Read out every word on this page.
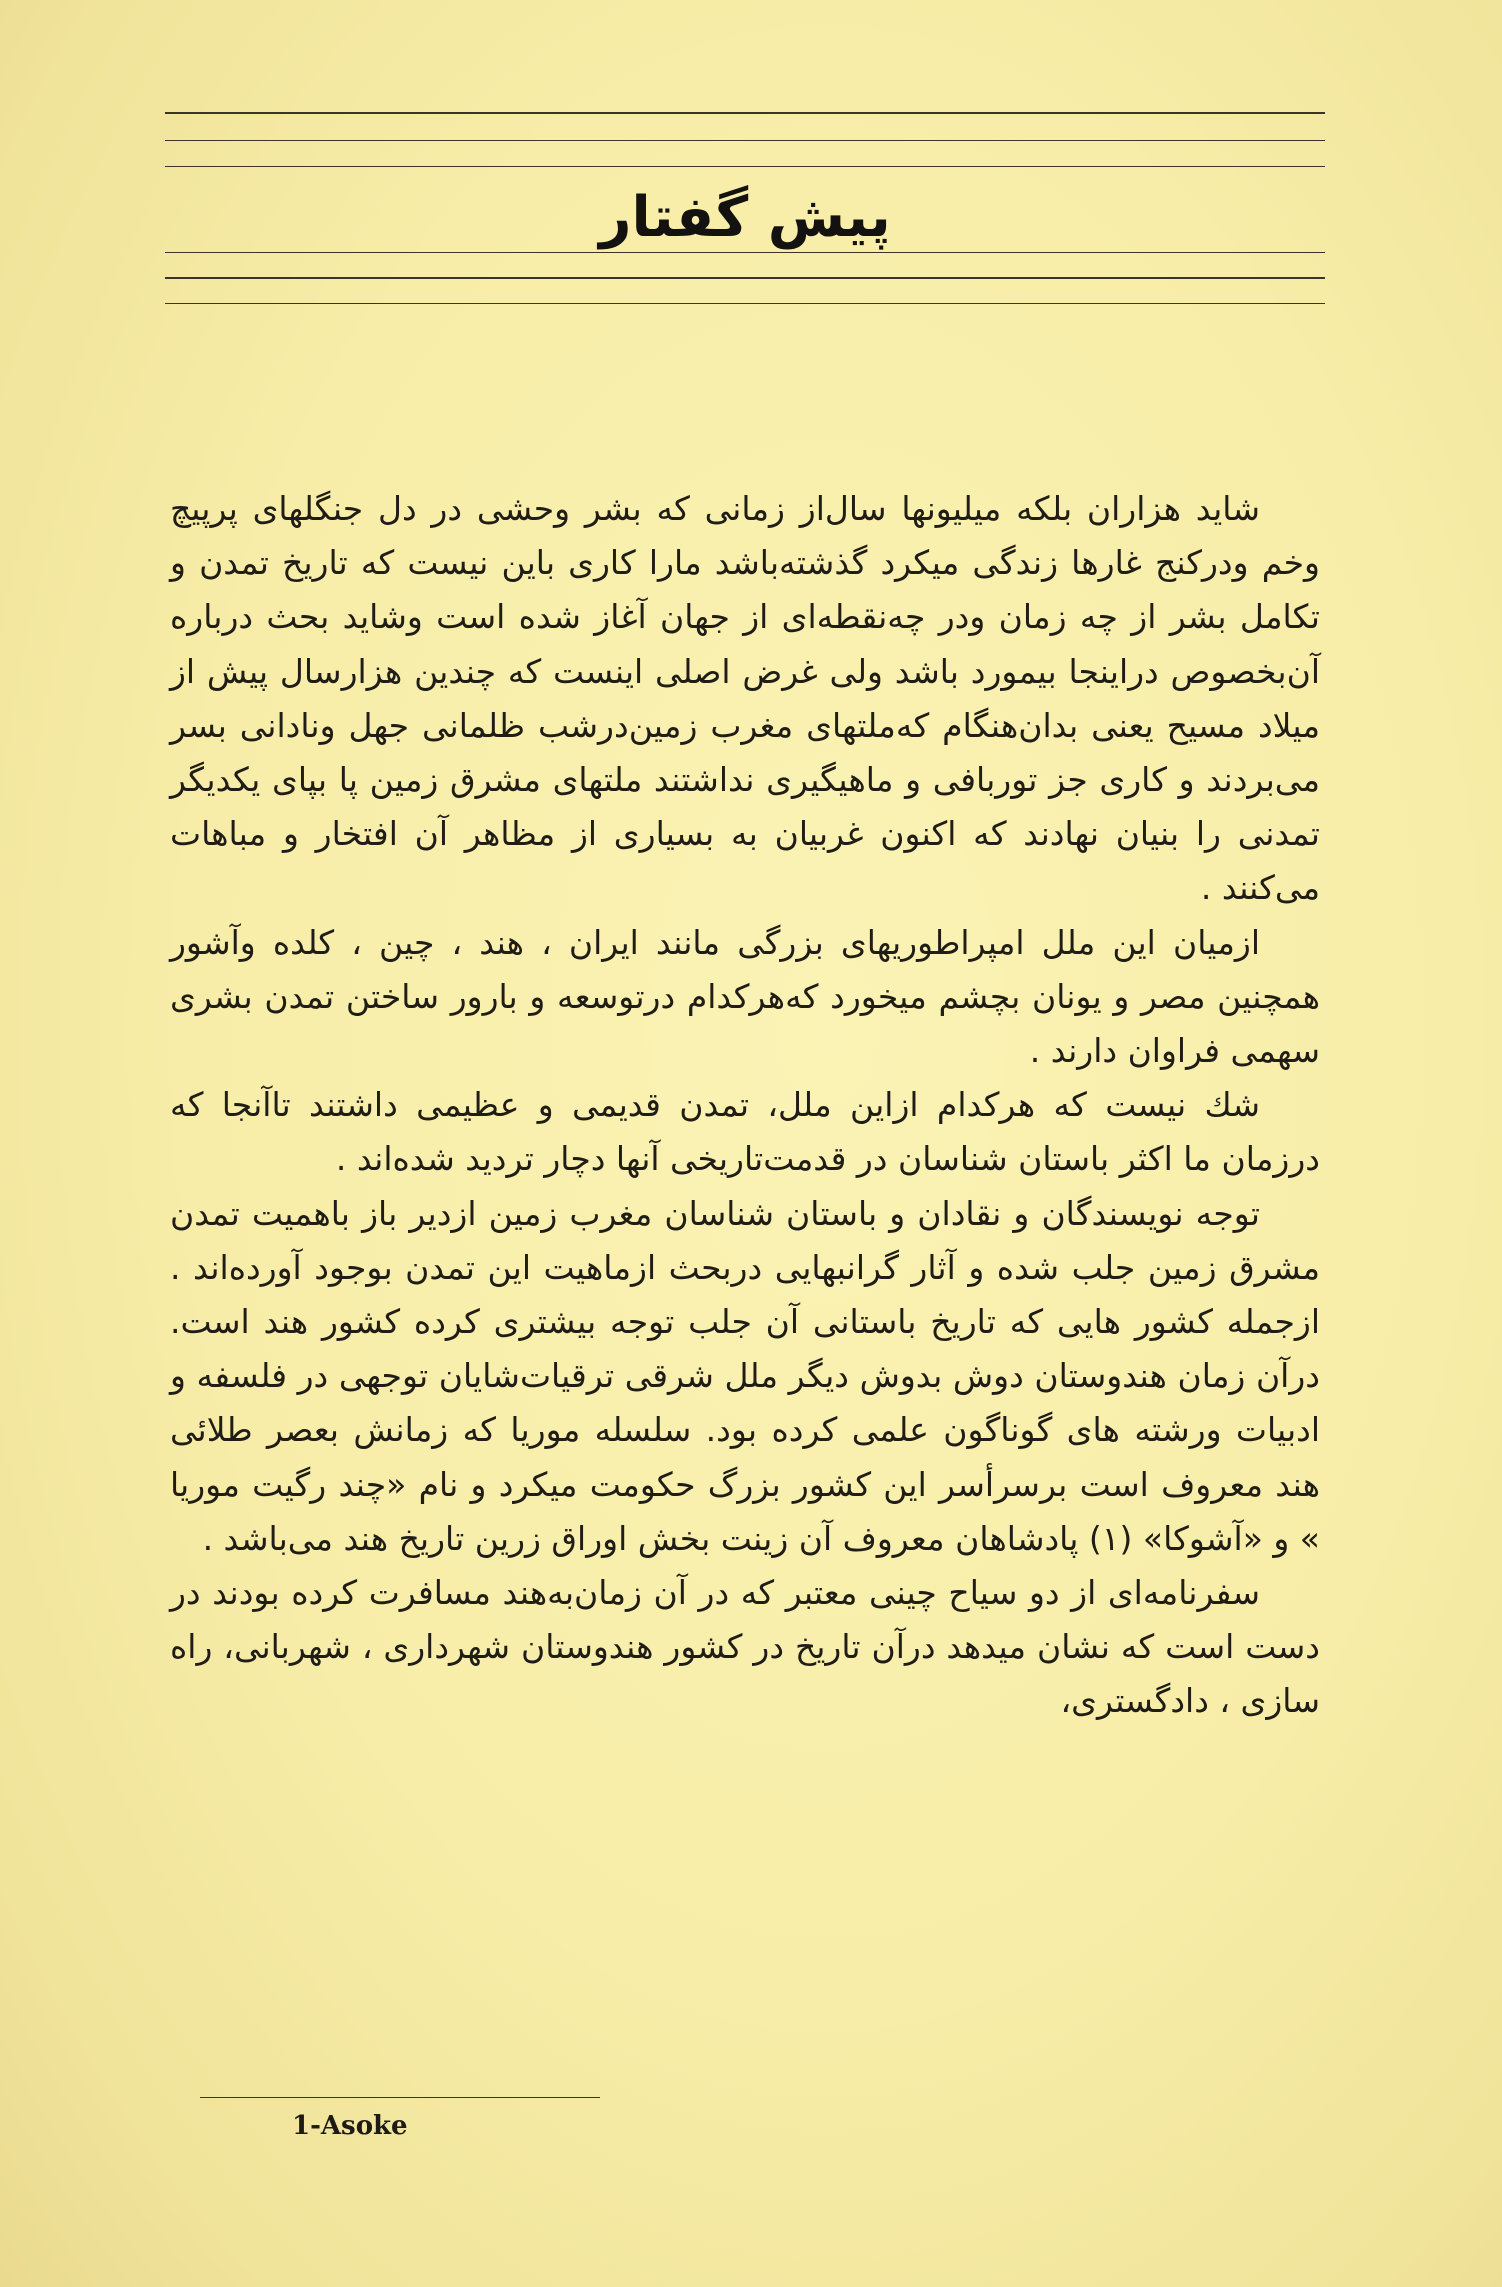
پیش گفتار

شاید هزاران بلکه میلیونها سال‌از زمانی که بشر وحشی در دل جنگلهای پرپیچ وخم ودرکنج غارها زندگی میکرد گذشته‌باشد مارا کاری باین نیست که تاریخ تمدن و تکامل بشر از چه زمان ودر چه‌نقطه‌ای از جهان آغاز شده است وشاید بحث درباره آن‌بخصوص دراینجا بیمورد باشد ولی غرض اصلی اینست که چندین هزارسال پیش از میلاد مسیح یعنی بدان‌هنگام که‌ملتهای مغرب زمین‌درشب ظلمانی جهل ونادانی بسر می‌بردند و کاری جز توربافی و ماهیگیری نداشتند ملتهای مشرق زمین پا بپای یکدیگر تمدنی را بنیان نهادند که اکنون غربیان به بسیاری از مظاهر آن افتخار و مباهات می‌کنند .

ازمیان این ملل امپراطوریهای بزرگی مانند ایران ، هند ، چین ، کلده وآشور همچنین مصر و یونان بچشم میخورد که‌هرکدام درتوسعه و بارور ساختن تمدن بشری سهمی فراوان دارند .

شك نیست که هرکدام ازاین ملل، تمدن قدیمی و عظیمی داشتند تاآنجا که درزمان ما اکثر باستان شناسان در قدمت‌تاریخی آنها دچار تردید شده‌اند .

توجه نویسندگان و نقادان و باستان شناسان مغرب زمین ازدیر باز باهمیت تمدن مشرق زمین جلب شده و آثار گرانبهایی دربحث ازماهیت این تمدن بوجود آورده‌اند . ازجمله کشور هایی که تاریخ باستانی آن جلب توجه بیشتری کرده کشور هند است. درآن زمان هندوستان دوش بدوش دیگر ملل شرقی ترقیات‌شایان توجهی در فلسفه و ادبیات ورشته های گوناگون علمی کرده بود. سلسله موریا که زمانش بعصر طلائی هند معروف است برسرأسر این کشور بزرگ حکومت میکرد و نام «چند رگیت موریا » و «آشوکا» (۱) پادشاهان معروف آن زینت بخش اوراق زرین تاریخ هند می‌باشد .

سفرنامه‌ای از دو سیاح چینی معتبر که در آن زمان‌به‌هند مسافرت کرده بودند در دست است که نشان میدهد درآن تاریخ در کشور هندوستان شهرداری ، شهربانی، راه سازی ، دادگستری،

1-Asoke
